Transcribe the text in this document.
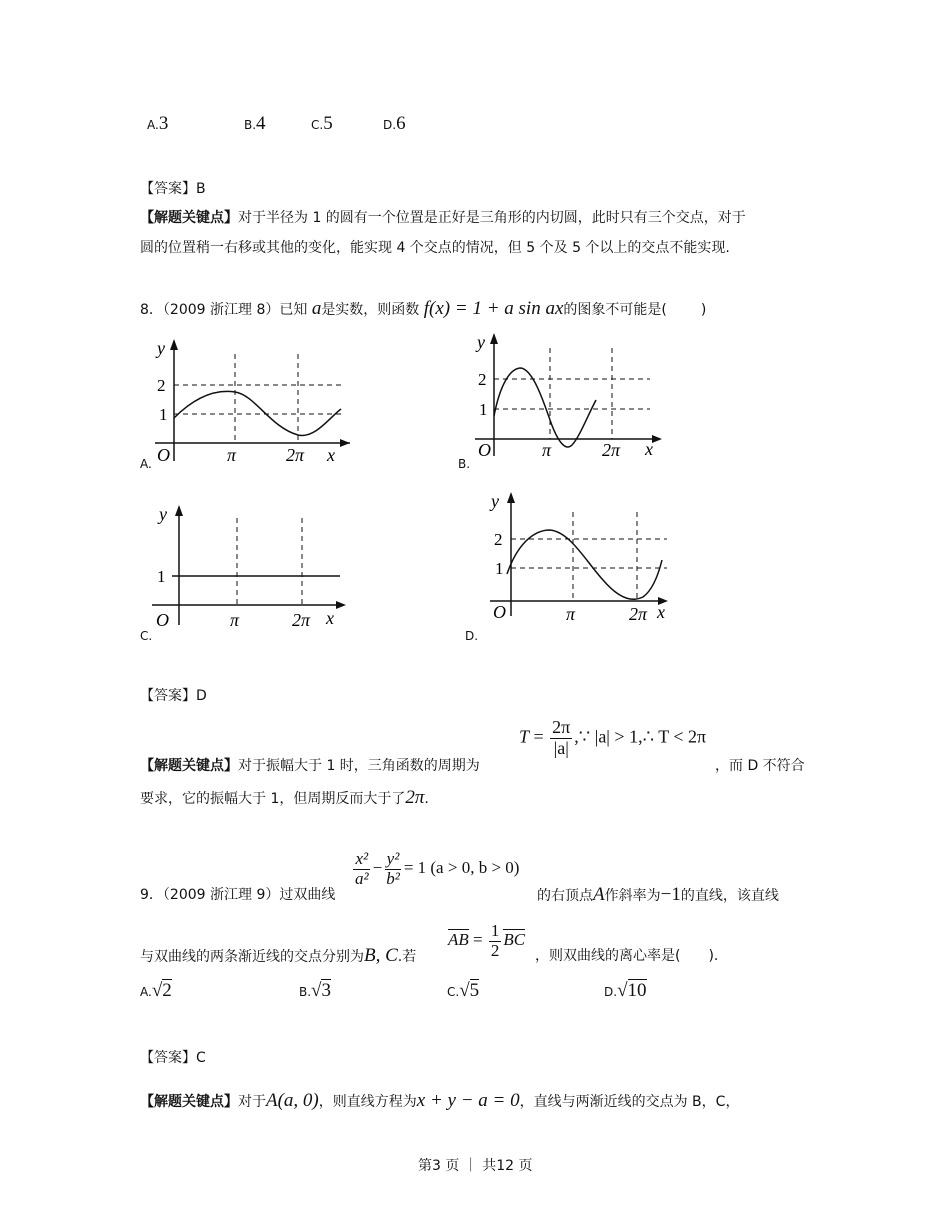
A.3	B.4	C.5	D.6
【答案】B
【解题关键点】对于半径为 1 的圆有一个位置是正好是三角形的内切圆，此时只有三个交点，对于
圆的位置稍一右移或其他的变化，能实现 4 个交点的情况，但 5 个及 5 个以上的交点不能实现.
8．（2009 浙江理 8）已知 a是实数，则函数 f(x) = 1 + a sin ax的图象不可能是( )
y
x
O
2
1
π	2π
A.
y
x
O
2
1
π	2π
B.
y
x
O
1
π	2π
C.
y
x
O
2
1
π	2π
D.
【答案】D
$T = \frac{2\pi}{|a|}$ ,∵ |a| > 1,∴ T < 2π
【解题关键点】对于振幅大于 1 时，三角函数的周期为	，而 D 不符合
要求，它的振幅大于 1，但周期反而大于了2π.
9．（2009 浙江理 9）过双曲线
$\frac{\text{x²}}{\text{a²}} - \frac{\text{y²}}{\text{b²}} = 1$ (a > 0, b > 0)
的右顶点A作斜率为−1的直线，该直线
与双曲线的两条渐近线的交点分别为B, C.若
AB = $\frac{1}{2}$ BC
，则双曲线的离心率是( ).
A.√2	B.√3	C.√5	D.√10
【答案】C
【解题关键点】对于A(a, 0)，则直线方程为x + y − a = 0，直线与两渐近线的交点为 B，C，
第3 页 ｜ 共12 页
